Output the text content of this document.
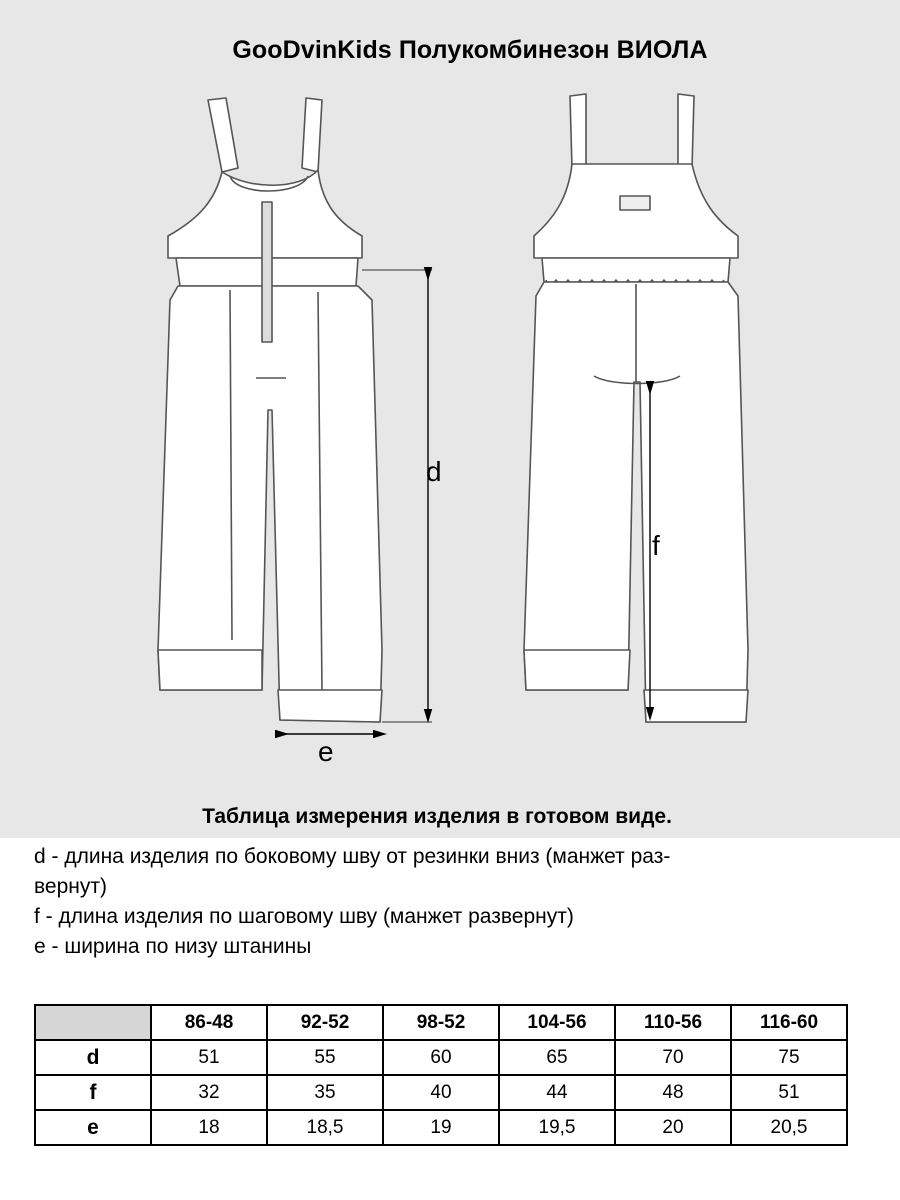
GooDvinKids Полукомбинезон ВИОЛА
d
f
e
Таблица измерения изделия в готовом виде.
d - длина изделия по боковому шву от резинки вниз (манжет раз-
вернут)
f - длина изделия по шаговому шву (манжет развернут)
e - ширина по низу штанины
	86-48	92-52	98-52	104-56	110-56	116-60
d	51	55	60	65	70	75
f	32	35	40	44	48	51
e	18	18,5	19	19,5	20	20,5
